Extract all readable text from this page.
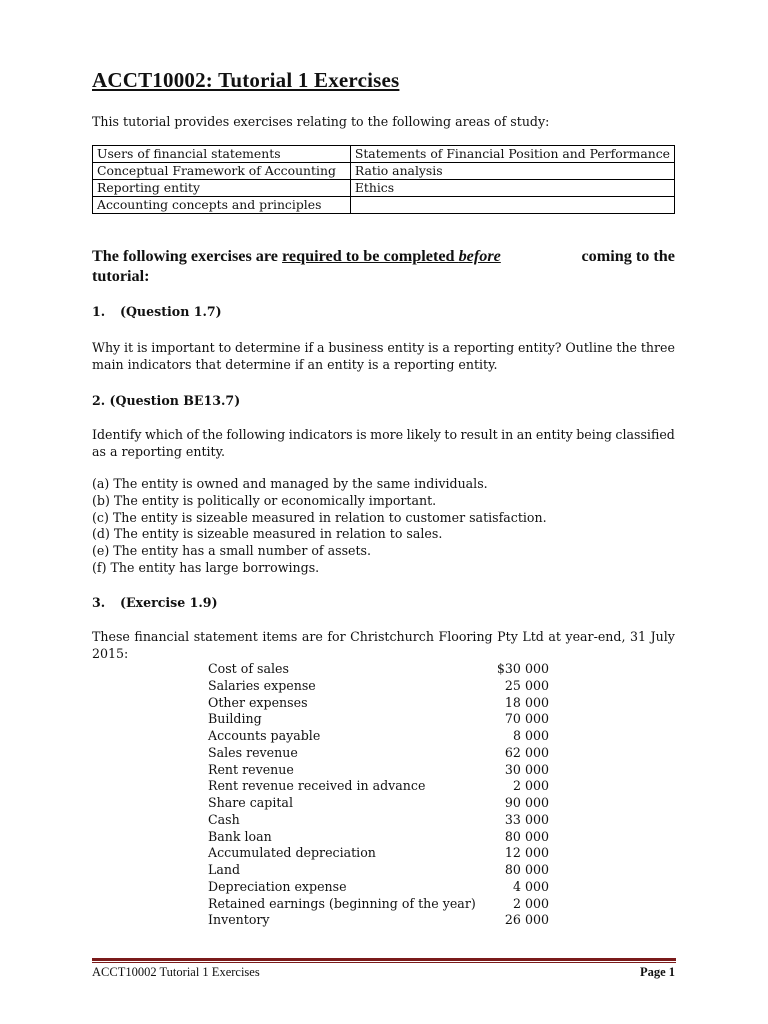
ACCT10002: Tutorial 1 Exercises
This tutorial provides exercises relating to the following areas of study:
Users of financial statements	Statements of Financial Position and Performance
Conceptual Framework of Accounting	Ratio analysis
Reporting entity	Ethics
Accounting concepts and principles	
The following exercises are required to be completed before	coming to the
tutorial:
1. (Question 1.7)
Why it is important to determine if a business entity is a reporting entity? Outline the three
main indicators that determine if an entity is a reporting entity.
2. (Question BE13.7)
Identify which of the following indicators is more likely to result in an entity being classified
as a reporting entity.
(a) The entity is owned and managed by the same individuals.
(b) The entity is politically or economically important.
(c) The entity is sizeable measured in relation to customer satisfaction.
(d) The entity is sizeable measured in relation to sales.
(e) The entity has a small number of assets.
(f) The entity has large borrowings.
3. (Exercise 1.9)
These financial statement items are for Christchurch Flooring Pty Ltd at year-end, 31 July
2015:
Cost of sales	$30 000
Salaries expense	25 000
Other expenses	18 000
Building	70 000
Accounts payable	8 000
Sales revenue	62 000
Rent revenue	30 000
Rent revenue received in advance	2 000
Share capital	90 000
Cash	33 000
Bank loan	80 000
Accumulated depreciation	12 000
Land	80 000
Depreciation expense	4 000
Retained earnings (beginning of the year)	2 000
Inventory	26 000
ACCT10002 Tutorial 1 Exercises	Page 1
